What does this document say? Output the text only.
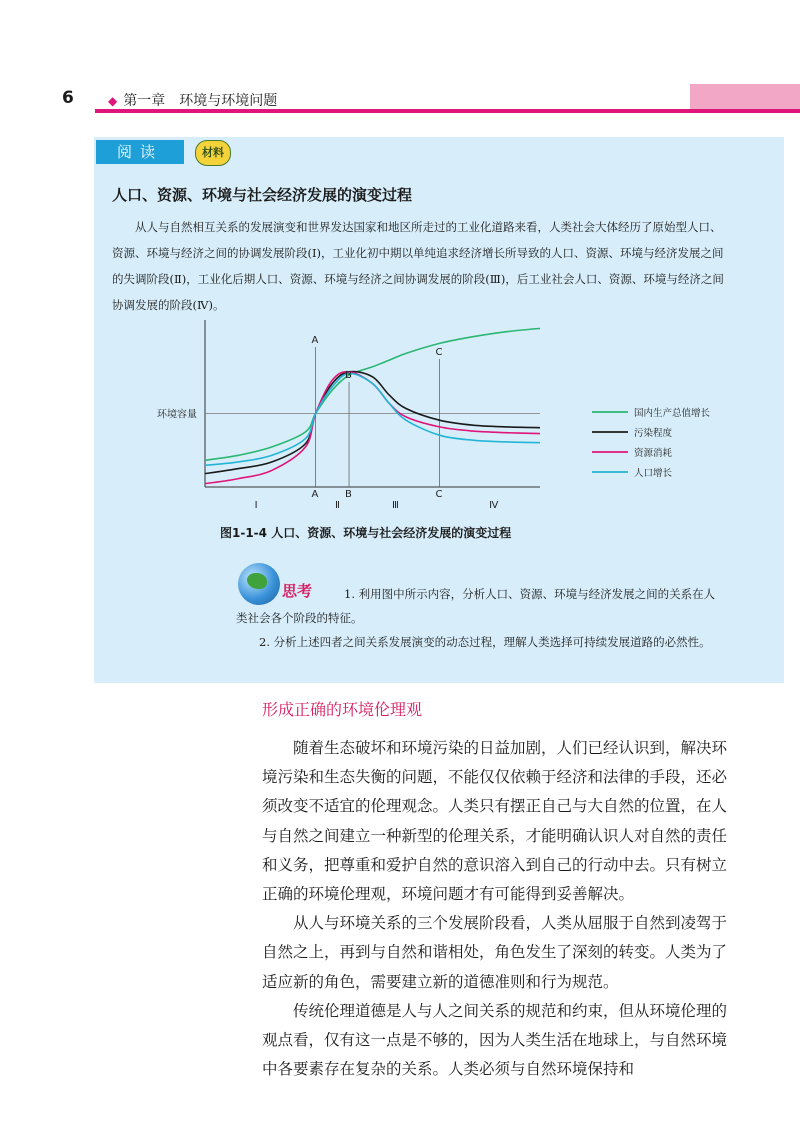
6	◆ 第一章　环境与环境问题
阅读	材料
人口、资源、环境与社会经济发展的演变过程
从人与自然相互关系的发展演变和世界发达国家和地区所走过的工业化道路来看，人类社会大体经历了原始型人口、资源、环境与经济之间的协调发展阶段(Ⅰ)，工业化初中期以单纯追求经济增长所导致的人口、资源、环境与经济发展之间的失调阶段(Ⅱ)，工业化后期人口、资源、环境与经济之间协调发展的阶段(Ⅲ)，后工业社会人口、资源、环境与经济之间协调发展的阶段(Ⅳ)。
环境容量
A
A
B
B
C
C
Ⅰ	Ⅱ	Ⅲ	Ⅳ
国内生产总值增长
污染程度
资源消耗
人口增长
图1-1-4 人口、资源、环境与社会经济发展的演变过程
1. 利用图中所示内容，分析人口、资源、环境与经济发展之间的关系在人类社会各个阶段的特征。
2. 分析上述四者之间关系发展演变的动态过程，理解人类选择可持续发展道路的必然性。
思考
形成正确的环境伦理观

随着生态破坏和环境污染的日益加剧，人们已经认识到，解决环境污染和生态失衡的问题，不能仅仅依赖于经济和法律的手段，还必须改变不适宜的伦理观念。人类只有摆正自己与大自然的位置，在人与自然之间建立一种新型的伦理关系，才能明确认识人对自然的责任和义务，把尊重和爱护自然的意识溶入到自己的行动中去。只有树立正确的环境伦理观，环境问题才有可能得到妥善解决。

从人与环境关系的三个发展阶段看，人类从屈服于自然到凌驾于自然之上，再到与自然和谐相处，角色发生了深刻的转变。人类为了适应新的角色，需要建立新的道德准则和行为规范。

传统伦理道德是人与人之间关系的规范和约束，但从环境伦理的观点看，仅有这一点是不够的，因为人类生活在地球上，与自然环境中各要素存在复杂的关系。人类必须与自然环境保持和
